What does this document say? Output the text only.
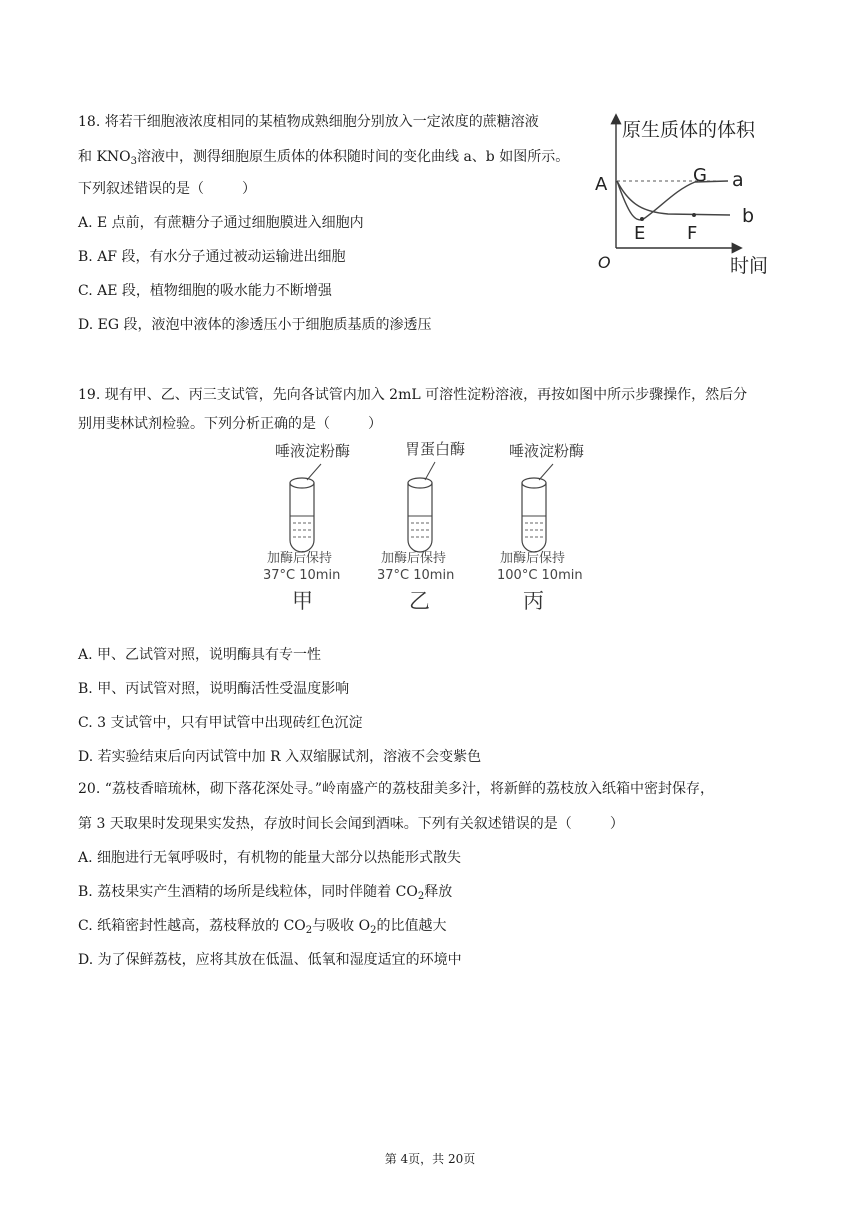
18. 将若干细胞液浓度相同的某植物成熟细胞分别放入一定浓度的蔗糖溶液
和 $KNO_3$溶液中，测得细胞原生质体的体积随时间的变化曲线 a、b 如图所示。
下列叙述错误的是（	）
A. E 点前，有蔗糖分子通过细胞膜进入细胞内
B. AF 段，有水分子通过被动运输进出细胞
C. AE 段，植物细胞的吸水能力不断增强
D. EG 段，液泡中液体的渗透压小于细胞质基质的渗透压
原生质体的体积
时间
O
A
E F
G a
b
19. 现有甲、乙、丙三支试管，先向各试管内加入 2mL 可溶性淀粉溶液，再按如图中所示步骤操作，然后分
别用斐林试剂检验。下列分析正确的是（	）
唾液淀粉酶
加酶后保持
37°C 10min
甲
胃蛋白酶
加酶后保持
37°C 10min
乙
唾液淀粉酶
加酶后保持
100°C 10min
丙
A. 甲、乙试管对照，说明酶具有专一性
B. 甲、丙试管对照，说明酶活性受温度影响
C. 3 支试管中，只有甲试管中出现砖红色沉淀
D. 若实验结束后向丙试管中加 R 入双缩脲试剂，溶液不会变紫色
20. “荔枝香暗琉林，砌下落花深处寻。”岭南盛产的荔枝甜美多汁，将新鲜的荔枝放入纸箱中密封保存，
第 3 天取果时发现果实发热，存放时间长会闻到酒味。下列有关叙述错误的是（	）
A. 细胞进行无氧呼吸时，有机物的能量大部分以热能形式散失
B. 荔枝果实产生酒精的场所是线粒体，同时伴随着 $CO_2$释放
C. 纸箱密封性越高，荔枝释放的 $CO_2$与吸收 $O_2$的比值越大
D. 为了保鲜荔枝，应将其放在低温、低氧和湿度适宜的环境中
第 4页，共 20页
